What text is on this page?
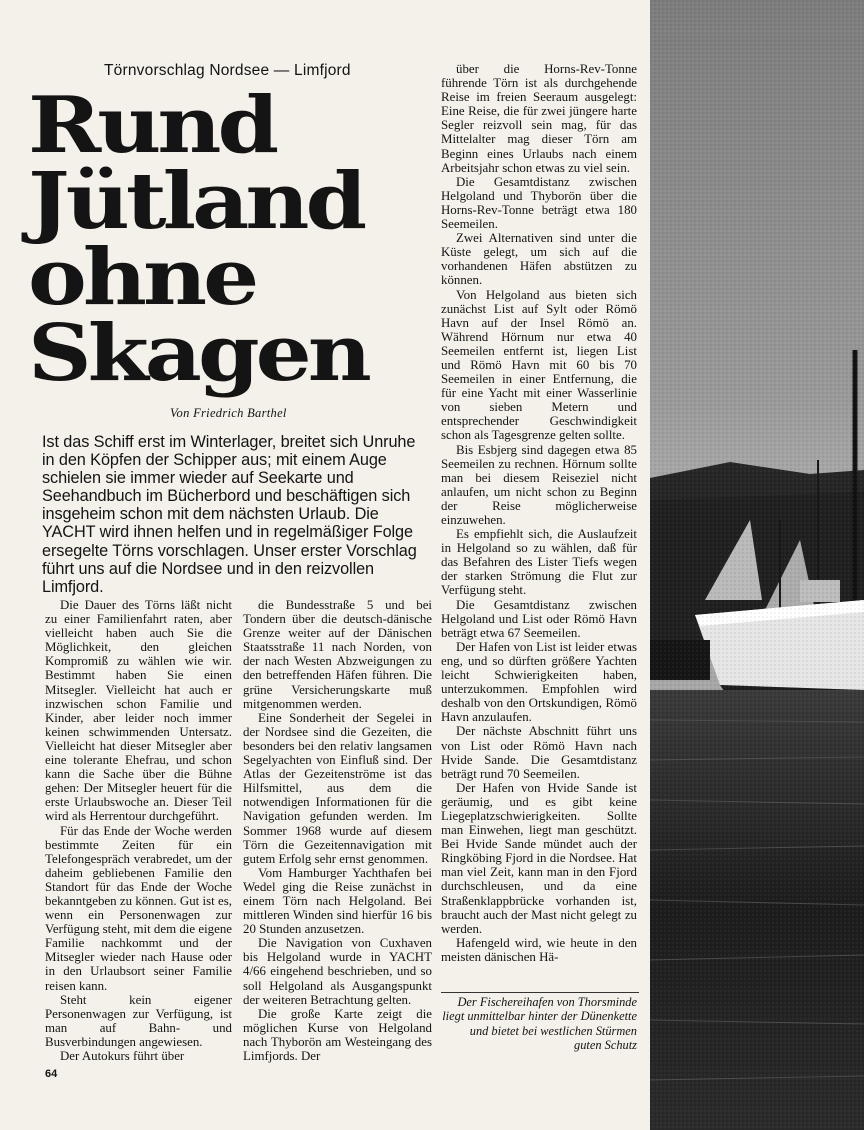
Törnvorschlag Nordsee — Limfjord
Rund
Jütland
ohne
Skagen
Von Friedrich Barthel

Ist das Schiff erst im Winterlager, breitet sich Unruhe in den Köpfen der Schipper aus; mit einem Auge schielen sie immer wieder auf Seekarte und Seehandbuch im Bücherbord und beschäftigen sich insgeheim schon mit dem nächsten Urlaub. Die YACHT wird ihnen helfen und in regelmäßiger Folge ersegelte Törns vorschlagen. Unser erster Vorschlag führt uns auf die Nordsee und in den reizvollen Limfjord.

Die Dauer des Törns läßt nicht zu einer Familienfahrt raten, aber vielleicht haben auch Sie die Möglichkeit, den gleichen Kompromiß zu wählen wie wir. Bestimmt haben Sie einen Mitsegler. Vielleicht hat auch er inzwischen schon Familie und Kinder, aber leider noch immer keinen schwimmenden Untersatz. Vielleicht hat dieser Mitsegler aber eine tolerante Ehefrau, und schon kann die Sache über die Bühne gehen: Der Mitsegler heuert für die erste Urlaubswoche an. Dieser Teil wird als Herrentour durchgeführt.

Für das Ende der Woche werden bestimmte Zeiten für ein Telefongespräch verabredet, um der daheim gebliebenen Familie den Standort für das Ende der Woche bekanntgeben zu können. Gut ist es, wenn ein Personenwagen zur Verfügung steht, mit dem die eigene Familie nachkommt und der Mitsegler wieder nach Hause oder in den Urlaubsort seiner Familie reisen kann.

Steht kein eigener Personenwagen zur Verfügung, ist man auf Bahn- und Busverbindungen angewiesen.

Der Autokurs führt über

die Bundesstraße 5 und bei Tondern über die deutsch-dänische Grenze weiter auf der Dänischen Staatsstraße 11 nach Norden, von der nach Westen Abzweigungen zu den betreffenden Häfen führen. Die grüne Versicherungskarte muß mitgenommen werden.

Eine Sonderheit der Segelei in der Nordsee sind die Gezeiten, die besonders bei den relativ langsamen Segelyachten von Einfluß sind. Der Atlas der Gezeitenströme ist das Hilfsmittel, aus dem die notwendigen Informationen für die Navigation gefunden werden. Im Sommer 1968 wurde auf diesem Törn die Gezeitennavigation mit gutem Erfolg sehr ernst genommen.

Vom Hamburger Yachthafen bei Wedel ging die Reise zunächst in einem Törn nach Helgoland. Bei mittleren Winden sind hierfür 16 bis 20 Stunden anzusetzen.

Die Navigation von Cuxhaven bis Helgoland wurde in YACHT 4/66 eingehend beschrieben, und so soll Helgoland als Ausgangspunkt der weiteren Betrachtung gelten.

Die große Karte zeigt die möglichen Kurse von Helgoland nach Thyborön am Westeingang des Limfjords. Der

über die Horns-Rev-Tonne führende Törn ist als durchgehende Reise im freien Seeraum ausgelegt: Eine Reise, die für zwei jüngere harte Segler reizvoll sein mag, für das Mittelalter mag dieser Törn am Beginn eines Urlaubs nach einem Arbeitsjahr schon etwas zu viel sein.

Die Gesamtdistanz zwischen Helgoland und Thyborön über die Horns-Rev-Tonne beträgt etwa 180 Seemeilen.

Zwei Alternativen sind unter die Küste gelegt, um sich auf die vorhandenen Häfen abstützen zu können.

Von Helgoland aus bieten sich zunächst List auf Sylt oder Römö Havn auf der Insel Römö an. Während Hörnum nur etwa 40 Seemeilen entfernt ist, liegen List und Römö Havn mit 60 bis 70 Seemeilen in einer Entfernung, die für eine Yacht mit einer Wasserlinie von sieben Metern und entsprechender Geschwindigkeit schon als Tagesgrenze gelten sollte.

Bis Esbjerg sind dagegen etwa 85 Seemeilen zu rechnen. Hörnum sollte man bei diesem Reiseziel nicht anlaufen, um nicht schon zu Beginn der Reise möglicherweise einzuwehen.

Es empfiehlt sich, die Auslaufzeit in Helgoland so zu wählen, daß für das Befahren des Lister Tiefs wegen der starken Strömung die Flut zur Verfügung steht.

Die Gesamtdistanz zwischen Helgoland und List oder Römö Havn beträgt etwa 67 Seemeilen.

Der Hafen von List ist leider etwas eng, und so dürften größere Yachten leicht Schwierigkeiten haben, unterzukommen. Empfohlen wird deshalb von den Ortskundigen, Römö Havn anzulaufen.

Der nächste Abschnitt führt uns von List oder Römö Havn nach Hvide Sande. Die Gesamtdistanz beträgt rund 70 Seemeilen.

Der Hafen von Hvide Sande ist geräumig, und es gibt keine Liegeplatzschwierigkeiten. Sollte man Einwehen, liegt man geschützt. Bei Hvide Sande mündet auch der Ringköbing Fjord in die Nordsee. Hat man viel Zeit, kann man in den Fjord durchschleusen, und da eine Straßenklappbrücke vorhanden ist, braucht auch der Mast nicht gelegt zu werden.

Hafengeld wird, wie heute in den meisten dänischen Hä-

Der Fischereihafen von Thorsminde liegt unmittelbar hinter der Dünenkette und bietet bei westlichen Stürmen guten Schutz

64
